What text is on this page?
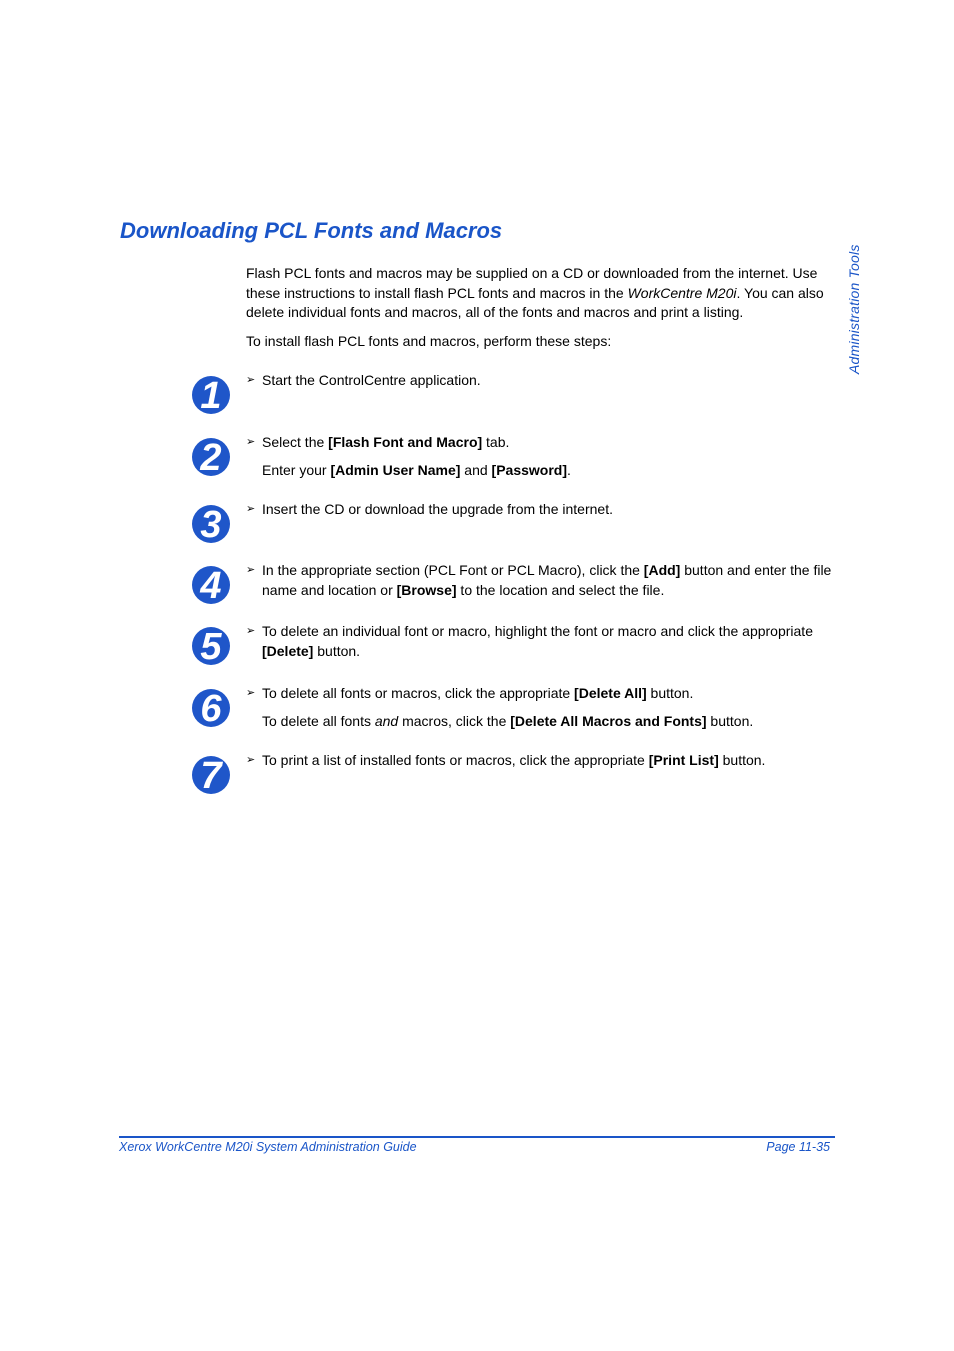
Downloading PCL Fonts and Macros
Administration Tools

Flash PCL fonts and macros may be supplied on a CD or downloaded from the internet. Use these instructions to install flash PCL fonts and macros in the WorkCentre M20i. You can also delete individual fonts and macros, all of the fonts and macros and print a listing.

To install flash PCL fonts and macros, perform these steps:

1 ➢ Start the ControlCentre application.
2 ➢ Select the [Flash Font and Macro] tab.
Enter your [Admin User Name] and [Password].
3 ➢ Insert the CD or download the upgrade from the internet.
4 ➢ In the appropriate section (PCL Font or PCL Macro), click the [Add] button and enter the file name and location or [Browse] to the location and select the file.
5 ➢ To delete an individual font or macro, highlight the font or macro and click the appropriate [Delete] button.
6 ➢ To delete all fonts or macros, click the appropriate [Delete All] button.
To delete all fonts and macros, click the [Delete All Macros and Fonts] button.
7 ➢ To print a list of installed fonts or macros, click the appropriate [Print List] button.
Xerox WorkCentre M20i System Administration Guide	Page 11-35
